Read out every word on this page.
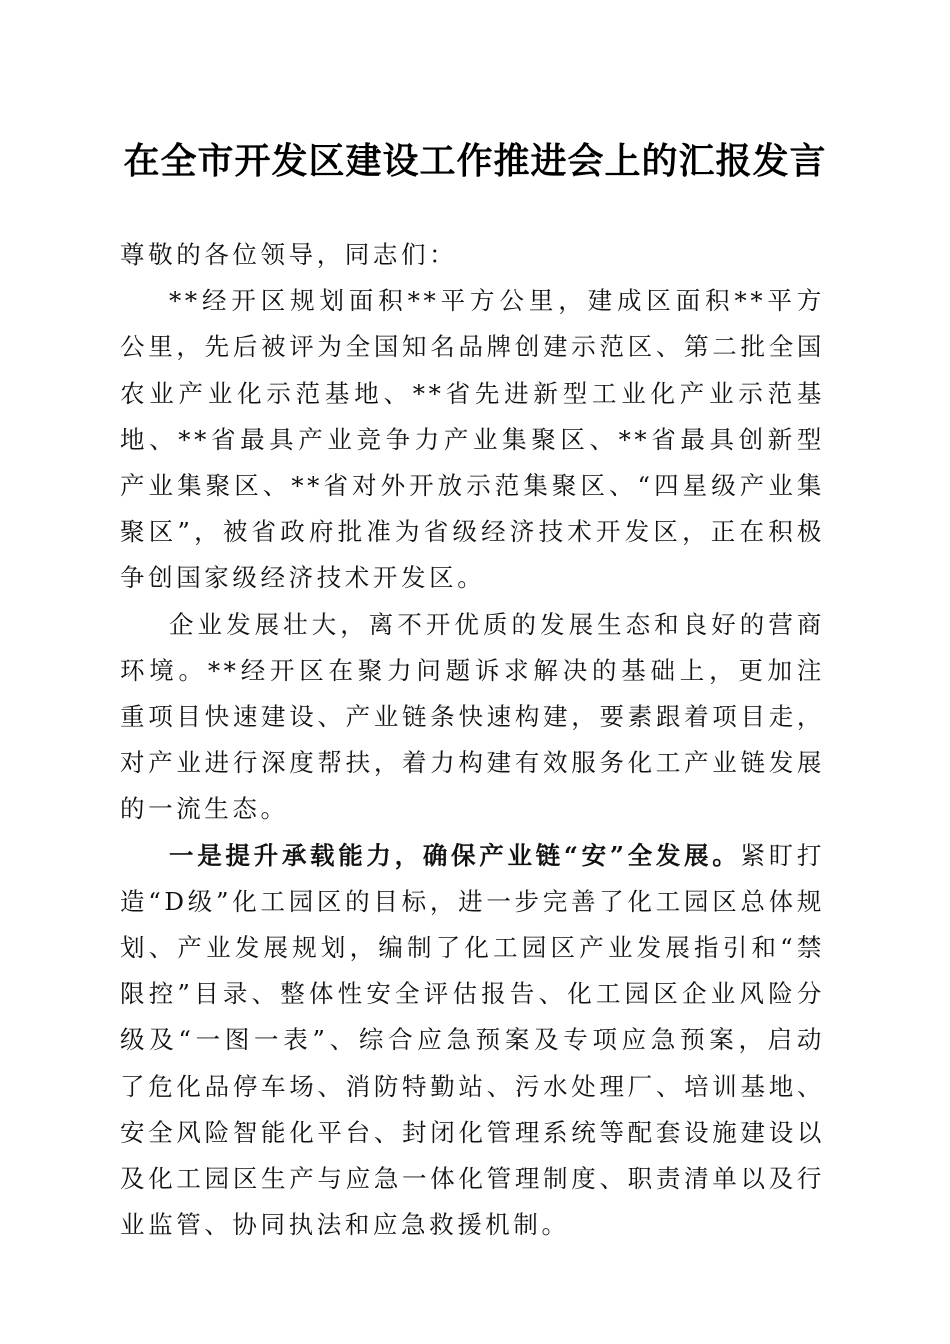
在全市开发区建设工作推进会上的汇报发言

尊敬的各位领导，同志们：

**经开区规划面积**平方公里，建成区面积**平方公里，先后被评为全国知名品牌创建示范区、第二批全国农业产业化示范基地、**省先进新型工业化产业示范基地、**省最具产业竞争力产业集聚区、**省最具创新型产业集聚区、**省对外开放示范集聚区、“四星级产业集聚区”，被省政府批准为省级经济技术开发区，正在积极争创国家级经济技术开发区。

企业发展壮大，离不开优质的发展生态和良好的营商环境。**经开区在聚力问题诉求解决的基础上，更加注重项目快速建设、产业链条快速构建，要素跟着项目走，对产业进行深度帮扶，着力构建有效服务化工产业链发展的一流生态。

一是提升承载能力，确保产业链“安”全发展。紧盯打造“D级”化工园区的目标，进一步完善了化工园区总体规划、产业发展规划，编制了化工园区产业发展指引和“禁限控”目录、整体性安全评估报告、化工园区企业风险分级及“一图一表”、综合应急预案及专项应急预案，启动了危化品停车场、消防特勤站、污水处理厂、培训基地、安全风险智能化平台、封闭化管理系统等配套设施建设以及化工园区生产与应急一体化管理制度、职责清单以及行业监管、协同执法和应急救援机制。
